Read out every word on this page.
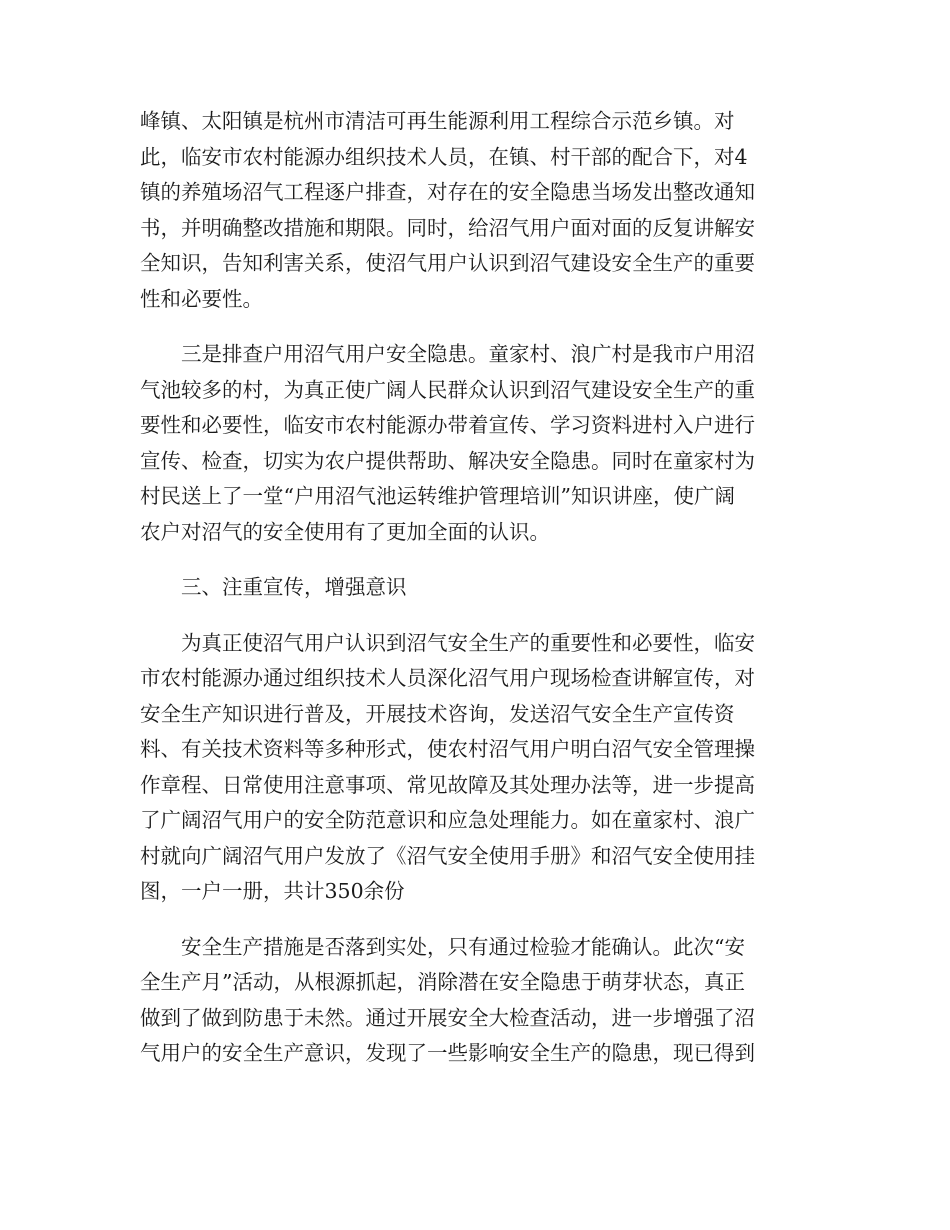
峰镇、太阳镇是杭州市清洁可再生能源利用工程综合示范乡镇。对
此，临安市农村能源办组织技术人员，在镇、村干部的配合下，对4
镇的养殖场沼气工程逐户排查，对存在的安全隐患当场发出整改通知
书，并明确整改措施和期限。同时，给沼气用户面对面的反复讲解安
全知识，告知利害关系，使沼气用户认识到沼气建设安全生产的重要
性和必要性。

　　三是排查户用沼气用户安全隐患。童家村、浪广村是我市户用沼
气池较多的村，为真正使广阔人民群众认识到沼气建设安全生产的重
要性和必要性，临安市农村能源办带着宣传、学习资料进村入户进行
宣传、检查，切实为农户提供帮助、解决安全隐患。同时在童家村为
村民送上了一堂“户用沼气池运转维护管理培训”知识讲座，使广阔
农户对沼气的安全使用有了更加全面的认识。

　　三、注重宣传，增强意识

　　为真正使沼气用户认识到沼气安全生产的重要性和必要性，临安
市农村能源办通过组织技术人员深化沼气用户现场检查讲解宣传，对
安全生产知识进行普及，开展技术咨询，发送沼气安全生产宣传资
料、有关技术资料等多种形式，使农村沼气用户明白沼气安全管理操
作章程、日常使用注意事项、常见故障及其处理办法等，进一步提高
了广阔沼气用户的安全防范意识和应急处理能力。如在童家村、浪广
村就向广阔沼气用户发放了《沼气安全使用手册》和沼气安全使用挂
图，一户一册，共计350余份

　　安全生产措施是否落到实处，只有通过检验才能确认。此次“安
全生产月”活动，从根源抓起，消除潜在安全隐患于萌芽状态，真正
做到了做到防患于未然。通过开展安全大检查活动，进一步增强了沼
气用户的安全生产意识，发现了一些影响安全生产的隐患，现已得到
